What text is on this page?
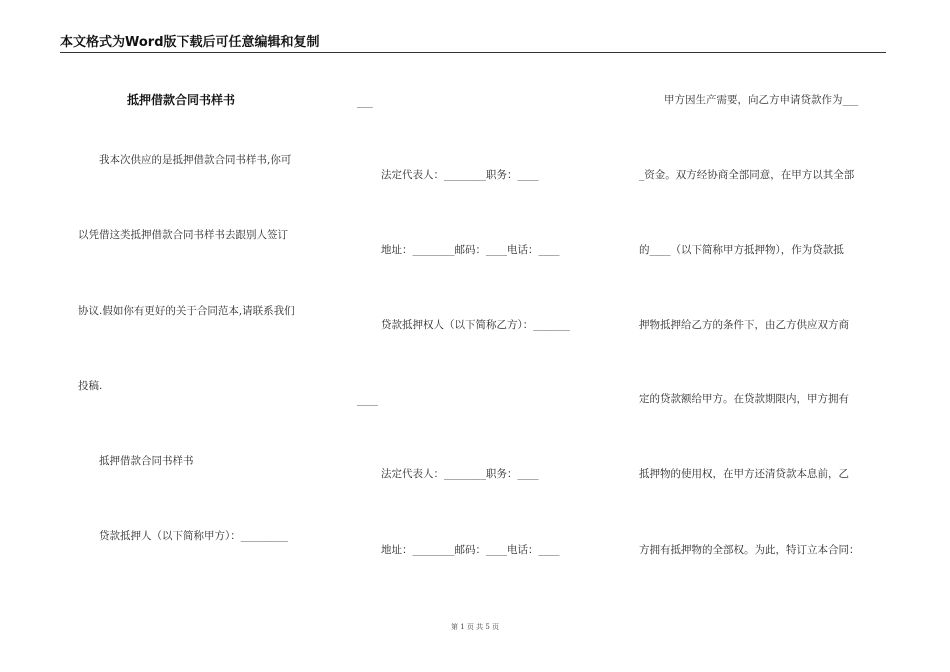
本文格式为Word版下载后可任意编辑和复制
抵押借款合同书样书
我本次供应的是抵押借款合同书样书,你可
以凭借这类抵押借款合同书样书去跟别人签订
协议.假如你有更好的关于合同范本,请联系我们
投稿.
抵押借款合同书样书
贷款抵押人（以下简称甲方）：_________
___
法定代表人：________职务：____
地址：________邮码：____电话：____
贷款抵押权人（以下简称乙方）：_______
____
法定代表人：________职务：____
地址：________邮码：____电话：____
甲方因生产需要，向乙方申请贷款作为___
_资金。双方经协商全部同意，在甲方以其全部
的____（以下简称甲方抵押物），作为贷款抵
押物抵押给乙方的条件下，由乙方供应双方商
定的贷款额给甲方。在贷款期限内，甲方拥有
抵押物的使用权，在甲方还清贷款本息前，乙
方拥有抵押物的全部权。为此，特订立本合同：
第 1 页 共 5 页
